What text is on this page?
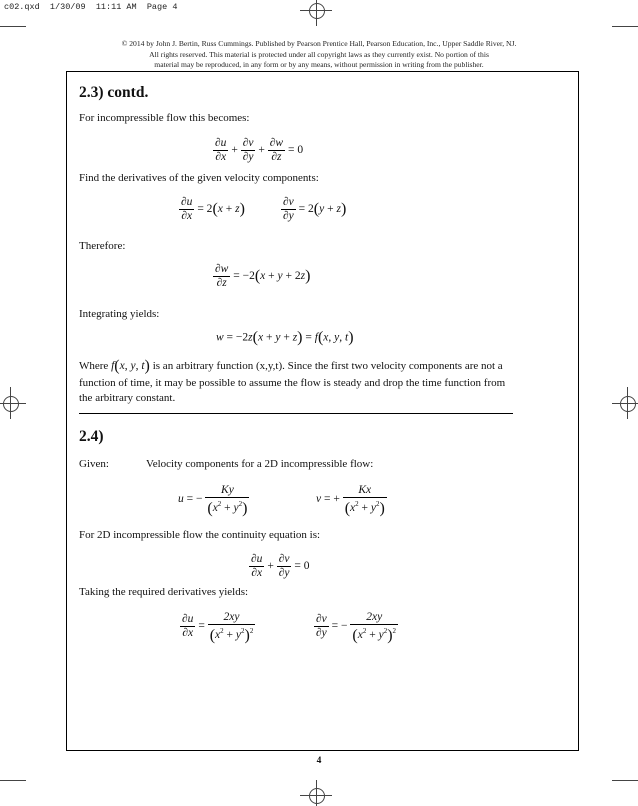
c02.qxd  1/30/09  11:11 AM  Page 4
© 2014 by John J. Bertin, Russ Cummings. Published by Pearson Prentice Hall, Pearson Education, Inc., Upper Saddle River, NJ.
All rights reserved. This material is protected under all copyright laws as they currently exist. No portion of this
material may be reproduced, in any form or by any means, without permission in writing from the publisher.
2.3) contd.
For incompressible flow this becomes:
$\frac{\partial u}{\partial x} + \frac{\partial v}{\partial y} + \frac{\partial w}{\partial z} = 0$
Find the derivatives of the given velocity components:
$\frac{\partial u}{\partial x} = 2(x + z)$	$\frac{\partial v}{\partial y} = 2(y + z)$
Therefore:
$\frac{\partial w}{\partial z} = -2(x + y + 2z)$
Integrating yields:
w = −2z(x + y + z) = f(x, y, t)
Where f(x, y, t) is an arbitrary function (x,y,t). Since the first two velocity components are not a
function of time, it may be possible to assume the flow is steady and drop the time function from
the arbitrary constant.
2.4)
Given:	Velocity components for a 2D incompressible flow:
u = − $\frac{Ky}{(x^2 + y^2)}$	v = + $\frac{Kx}{(x^2 + y^2)}$
For 2D incompressible flow the continuity equation is:
$\frac{\partial u}{\partial x} + \frac{\partial v}{\partial y} = 0$
Taking the required derivatives yields:
$\frac{\partial u}{\partial x} = \frac{2xy}{(x^2 + y^2)^2}$	$\frac{\partial v}{\partial y}$ = − $\frac{2xy}{(x^2 + y^2)^2}$
4
